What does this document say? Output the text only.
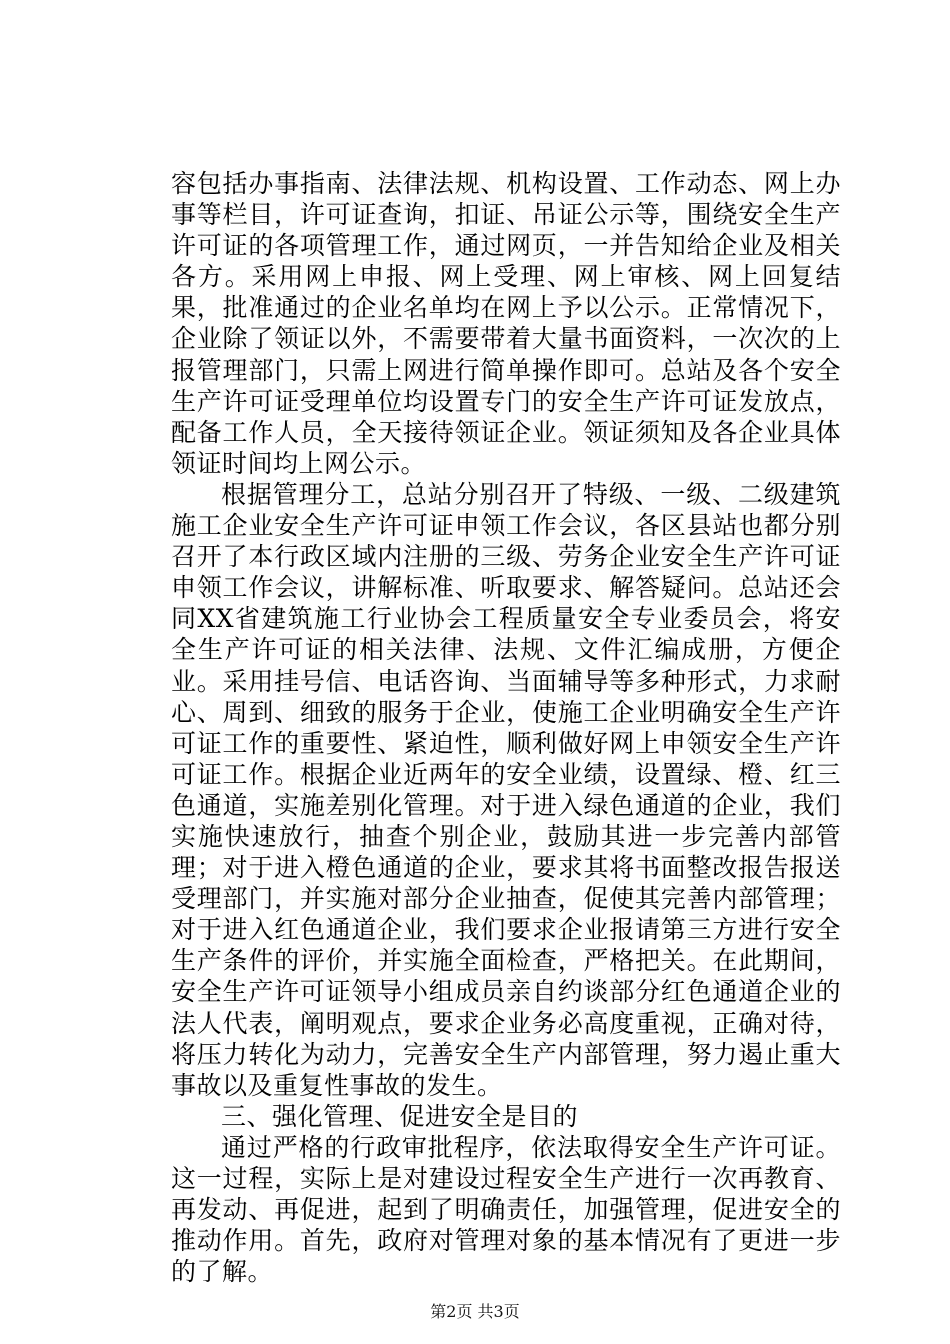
容包括办事指南、法律法规、机构设置、工作动态、网上办事等栏目，许可证查询，扣证、吊证公示等，围绕安全生产许可证的各项管理工作，通过网页，一并告知给企业及相关各方。采用网上申报、网上受理、网上审核、网上回复结果，批准通过的企业名单均在网上予以公示。正常情况下，企业除了领证以外，不需要带着大量书面资料，一次次的上报管理部门，只需上网进行简单操作即可。总站及各个安全生产许可证受理单位均设置专门的安全生产许可证发放点，配备工作人员，全天接待领证企业。领证须知及各企业具体领证时间均上网公示。

根据管理分工，总站分别召开了特级、一级、二级建筑施工企业安全生产许可证申领工作会议，各区县站也都分别召开了本行政区域内注册的三级、劳务企业安全生产许可证申领工作会议，讲解标准、听取要求、解答疑问。总站还会同XX省建筑施工行业协会工程质量安全专业委员会，将安全生产许可证的相关法律、法规、文件汇编成册，方便企业。采用挂号信、电话咨询、当面辅导等多种形式，力求耐心、周到、细致的服务于企业，使施工企业明确安全生产许可证工作的重要性、紧迫性，顺利做好网上申领安全生产许可证工作。根据企业近两年的安全业绩，设置绿、橙、红三色通道，实施差别化管理。对于进入绿色通道的企业，我们实施快速放行，抽查个别企业，鼓励其进一步完善内部管理；对于进入橙色通道的企业，要求其将书面整改报告报送受理部门，并实施对部分企业抽查，促使其完善内部管理；对于进入红色通道企业，我们要求企业报请第三方进行安全生产条件的评价，并实施全面检查，严格把关。在此期间，安全生产许可证领导小组成员亲自约谈部分红色通道企业的法人代表，阐明观点，要求企业务必高度重视，正确对待，将压力转化为动力，完善安全生产内部管理，努力遏止重大事故以及重复性事故的发生。

三、强化管理、促进安全是目的

通过严格的行政审批程序，依法取得安全生产许可证。这一过程，实际上是对建设过程安全生产进行一次再教育、再发动、再促进，起到了明确责任，加强管理，促进安全的推动作用。首先，政府对管理对象的基本情况有了更进一步的了解。

第2页 共3页
